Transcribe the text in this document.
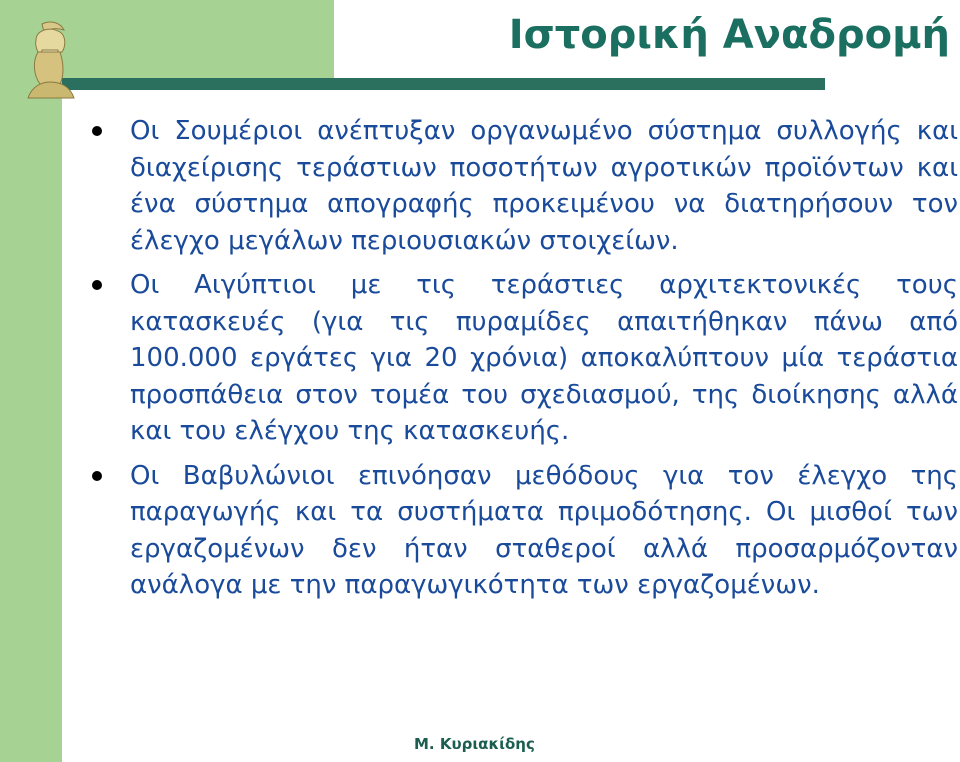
Ιστορική Αναδρομή

Οι Σουμέριοι ανέπτυξαν οργανωμένο σύστημα συλλογής και διαχείρισης τεράστιων ποσοτήτων αγροτικών προϊόντων και ένα σύστημα απογραφής προκειμένου να διατηρήσουν τον έλεγχο μεγάλων περιουσιακών στοιχείων.

Οι Αιγύπτιοι με τις τεράστιες αρχιτεκτονικές τους κατασκευές (για τις πυραμίδες απαιτήθηκαν πάνω από 100.000 εργάτες για 20 χρόνια) αποκαλύπτουν μία τεράστια προσπάθεια στον τομέα του σχεδιασμού, της διοίκησης αλλά και του ελέγχου της κατασκευής.

Οι Βαβυλώνιοι επινόησαν μεθόδους για τον έλεγχο της παραγωγής και τα συστήματα πριμοδότησης. Οι μισθοί των εργαζομένων δεν ήταν σταθεροί αλλά προσαρμόζονταν ανάλογα με την παραγωγικότητα των εργαζομένων.

Μ. Κυριακίδης
